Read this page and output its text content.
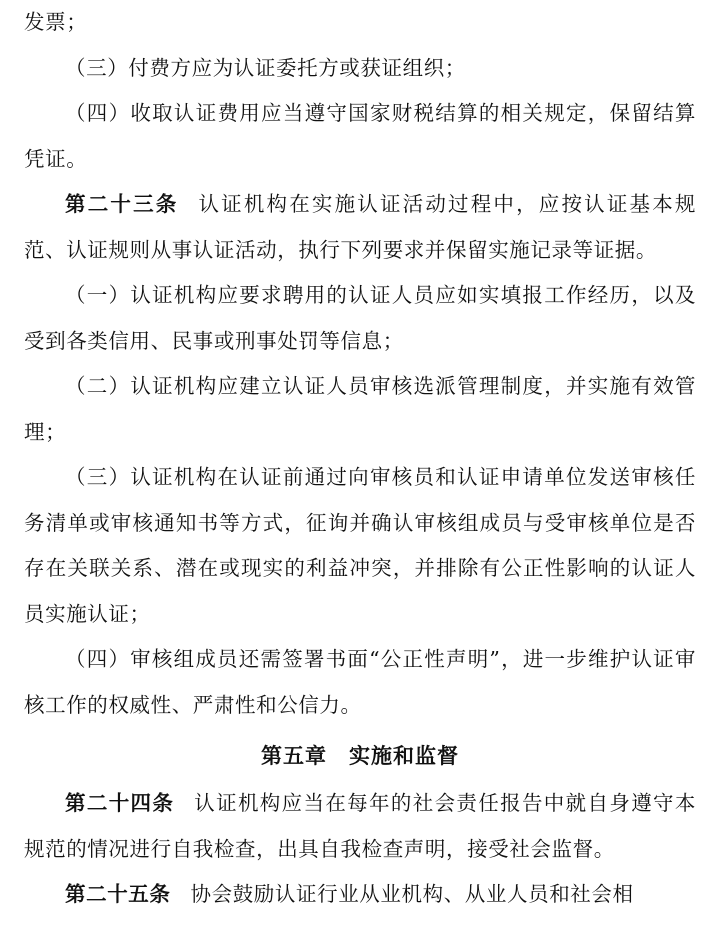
发票；

（三）付费方应为认证委托方或获证组织；

（四）收取认证费用应当遵守国家财税结算的相关规定，保留结算凭证。

第二十三条 认证机构在实施认证活动过程中，应按认证基本规范、认证规则从事认证活动，执行下列要求并保留实施记录等证据。

（一）认证机构应要求聘用的认证人员应如实填报工作经历，以及受到各类信用、民事或刑事处罚等信息；

（二）认证机构应建立认证人员审核选派管理制度，并实施有效管理；

（三）认证机构在认证前通过向审核员和认证申请单位发送审核任务清单或审核通知书等方式，征询并确认审核组成员与受审核单位是否存在关联关系、潜在或现实的利益冲突，并排除有公正性影响的认证人员实施认证；

（四）审核组成员还需签署书面“公正性声明”，进一步维护认证审核工作的权威性、严肃性和公信力。

第五章 实施和监督

第二十四条 认证机构应当在每年的社会责任报告中就自身遵守本规范的情况进行自我检查，出具自我检查声明，接受社会监督。

第二十五条 协会鼓励认证行业从业机构、从业人员和社会相
